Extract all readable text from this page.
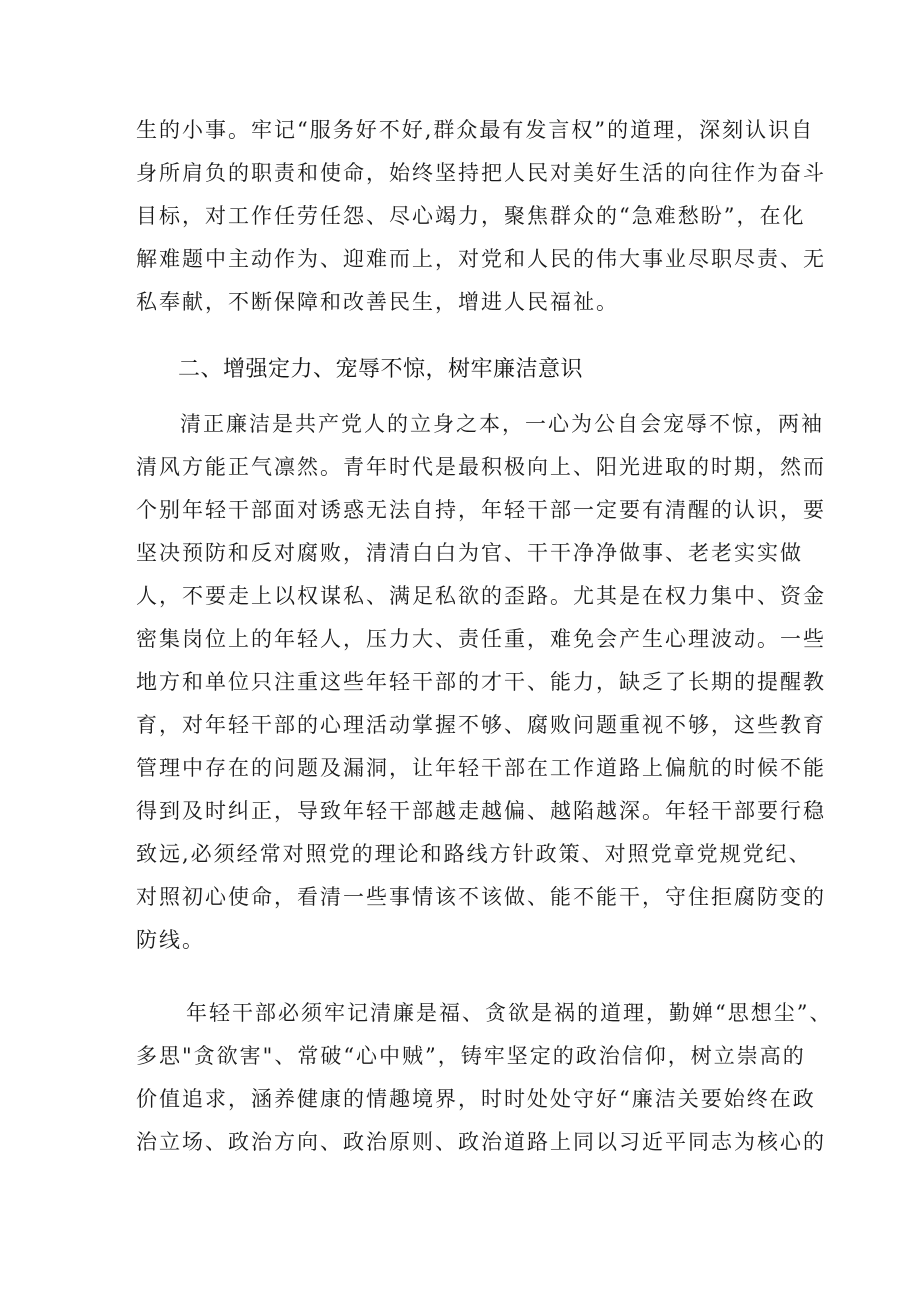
生的小事。牢记“服务好不好,群众最有发言权”的道理，深刻认识自
身所肩负的职责和使命，始终坚持把人民对美好生活的向往作为奋斗
目标，对工作任劳任怨、尽心竭力，聚焦群众的“急难愁盼”，在化
解难题中主动作为、迎难而上，对党和人民的伟大事业尽职尽责、无
私奉献，不断保障和改善民生，增进人民福祉。
二、增强定力、宠辱不惊，树牢廉洁意识
清正廉洁是共产党人的立身之本，一心为公自会宠辱不惊，两袖
清风方能正气凛然。青年时代是最积极向上、阳光进取的时期，然而
个别年轻干部面对诱惑无法自持，年轻干部一定要有清醒的认识，要
坚决预防和反对腐败，清清白白为官、干干净净做事、老老实实做
人，不要走上以权谋私、满足私欲的歪路。尤其是在权力集中、资金
密集岗位上的年轻人，压力大、责任重，难免会产生心理波动。一些
地方和单位只注重这些年轻干部的才干、能力，缺乏了长期的提醒教
育，对年轻干部的心理活动掌握不够、腐败问题重视不够，这些教育
管理中存在的问题及漏洞，让年轻干部在工作道路上偏航的时候不能
得到及时纠正，导致年轻干部越走越偏、越陷越深。年轻干部要行稳
致远,必须经常对照党的理论和路线方针政策、对照党章党规党纪、
对照初心使命，看清一些事情该不该做、能不能干，守住拒腐防变的
防线。
年轻干部必须牢记清廉是福、贪欲是祸的道理，勤婵“思想尘”、
多思"贪欲害"、常破“心中贼”，铸牢坚定的政治信仰，树立崇高的
价值追求，涵养健康的情趣境界，时时处处守好“廉洁关要始终在政
治立场、政治方向、政治原则、政治道路上同以习近平同志为核心的
